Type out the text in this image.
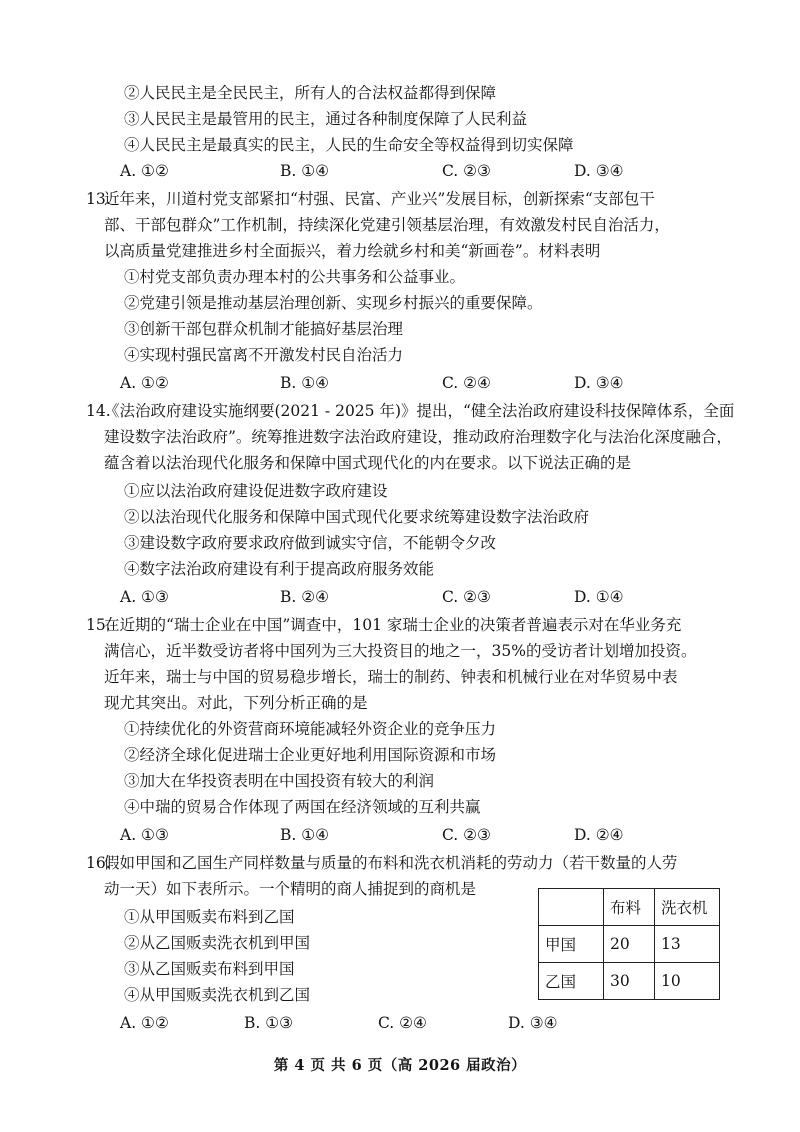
②人民民主是全民民主，所有人的合法权益都得到保障
③人民民主是最管用的民主，通过各种制度保障了人民利益
④人民民主是最真实的民主，人民的生命安全等权益得到切实保障
A. ①②	B. ①④	C. ②③	D. ③④
13.
近年来，川道村党支部紧扣“村强、民富、产业兴”发展目标，创新探索“支部包干
部、干部包群众”工作机制，持续深化党建引领基层治理，有效激发村民自治活力，
以高质量党建推进乡村全面振兴，着力绘就乡村和美“新画卷”。材料表明
①村党支部负责办理本村的公共事务和公益事业。
②党建引领是推动基层治理创新、实现乡村振兴的重要保障。
③创新干部包群众机制才能搞好基层治理
④实现村强民富离不开激发村民自治活力
A. ①②	B. ①④	C. ②④	D. ③④
14.
《法治政府建设实施纲要(2021 - 2025 年)》提出，“健全法治政府建设科技保障体系，全面
建设数字法治政府”。统筹推进数字法治政府建设，推动政府治理数字化与法治化深度融合，
蕴含着以法治现代化服务和保障中国式现代化的内在要求。以下说法正确的是
①应以法治政府建设促进数字政府建设
②以法治现代化服务和保障中国式现代化要求统筹建设数字法治政府
③建设数字政府要求政府做到诚实守信，不能朝令夕改
④数字法治政府建设有利于提高政府服务效能
A. ①③	B. ②④	C. ②③	D. ①④
15.
在近期的“瑞士企业在中国”调查中，101 家瑞士企业的决策者普遍表示对在华业务充
满信心，近半数受访者将中国列为三大投资目的地之一，35%的受访者计划增加投资。
近年来，瑞士与中国的贸易稳步增长，瑞士的制药、钟表和机械行业在对华贸易中表
现尤其突出。对此，下列分析正确的是
①持续优化的外资营商环境能减轻外资企业的竞争压力
②经济全球化促进瑞士企业更好地利用国际资源和市场
③加大在华投资表明在中国投资有较大的利润
④中瑞的贸易合作体现了两国在经济领域的互利共赢
A. ①③	B. ①④	C. ②③	D. ②④
16.
假如甲国和乙国生产同样数量与质量的布料和洗衣机消耗的劳动力（若干数量的人劳
动一天）如下表所示。一个精明的商人捕捉到的商机是
①从甲国贩卖布料到乙国
②从乙国贩卖洗衣机到甲国
③从乙国贩卖布料到甲国
④从甲国贩卖洗衣机到乙国
A. ①②	B. ①③	C. ②④	D. ③④
	布料	洗衣机
甲国	20	13
乙国	30	10
第 4 页 共 6 页（高 2026 届政治）
